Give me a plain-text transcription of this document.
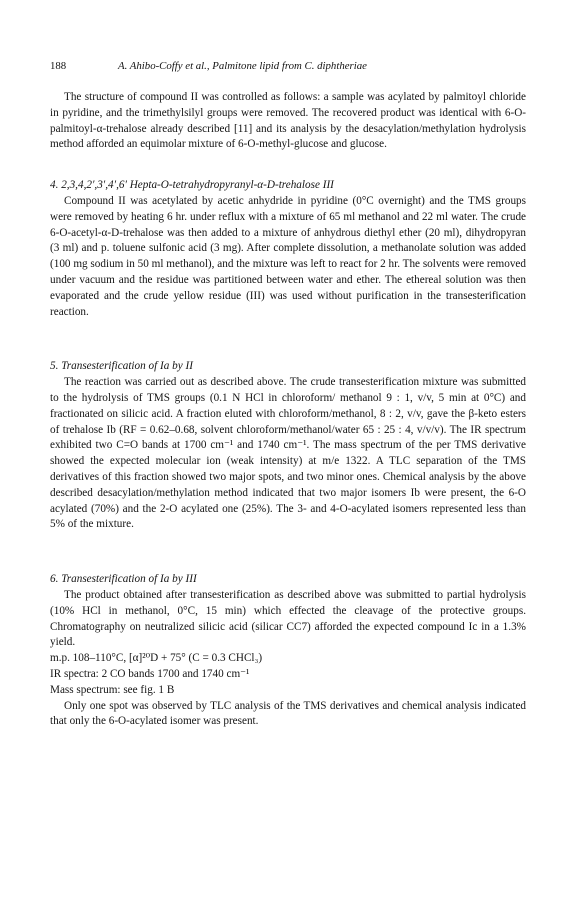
188	A. Ahibo-Coffy et al., Palmitone lipid from C. diphtheriae

The structure of compound II was controlled as follows: a sample was acylated by palmitoyl chloride in pyridine, and the trimethylsilyl groups were removed. The recovered product was identical with 6-O-palmitoyl-α-trehalose already described [11] and its analysis by the desacylation/methylation hydrolysis method afforded an equimolar mixture of 6-O-methyl-glucose and glucose.

4. 2,3,4,2′,3′,4′,6′ Hepta-O-tetrahydropyranyl-α-D-trehalose III

Compound II was acetylated by acetic anhydride in pyridine (0°C overnight) and the TMS groups were removed by heating 6 hr. under reflux with a mixture of 65 ml methanol and 22 ml water. The crude 6-O-acetyl-α-D-trehalose was then added to a mixture of anhydrous diethyl ether (20 ml), dihydropyran (3 ml) and p. toluene sulfonic acid (3 mg). After complete dissolution, a methanolate solution was added (100 mg sodium in 50 ml methanol), and the mixture was left to react for 2 hr. The solvents were removed under vacuum and the residue was partitioned between water and ether. The ethereal solution was then evaporated and the crude yellow residue (III) was used without purification in the transesterification reaction.

5. Transesterification of Ia by II

The reaction was carried out as described above. The crude transesterification mixture was submitted to the hydrolysis of TMS groups (0.1 N HCl in chloroform/ methanol 9 : 1, v/v, 5 min at 0°C) and fractionated on silicic acid. A fraction eluted with chloroform/methanol, 8 : 2, v/v, gave the β-keto esters of trehalose Ib (RF = 0.62–0.68, solvent chloroform/methanol/water 65 : 25 : 4, v/v/v). The IR spectrum exhibited two C=O bands at 1700 cm⁻¹ and 1740 cm⁻¹. The mass spectrum of the per TMS derivative showed the expected molecular ion (weak intensity) at m/e 1322. A TLC separation of the TMS derivatives of this fraction showed two major spots, and two minor ones. Chemical analysis by the above described desacylation/methylation method indicated that two major isomers Ib were present, the 6-O acylated (70%) and the 2-O acylated one (25%). The 3- and 4-O-acylated isomers represented less than 5% of the mixture.

6. Transesterification of Ia by III

The product obtained after transesterification as described above was submitted to partial hydrolysis (10% HCl in methanol, 0°C, 15 min) which effected the cleavage of the protective groups. Chromatography on neutralized silicic acid (silicar CC7) afforded the expected compound Ic in a 1.3% yield.

m.p. 108–110°C, [α]²⁰D + 75° (C = 0.3 CHCl₃)

IR spectra: 2 CO bands 1700 and 1740 cm⁻¹

Mass spectrum: see fig. 1 B

Only one spot was observed by TLC analysis of the TMS derivatives and chemical analysis indicated that only the 6-O-acylated isomer was present.
